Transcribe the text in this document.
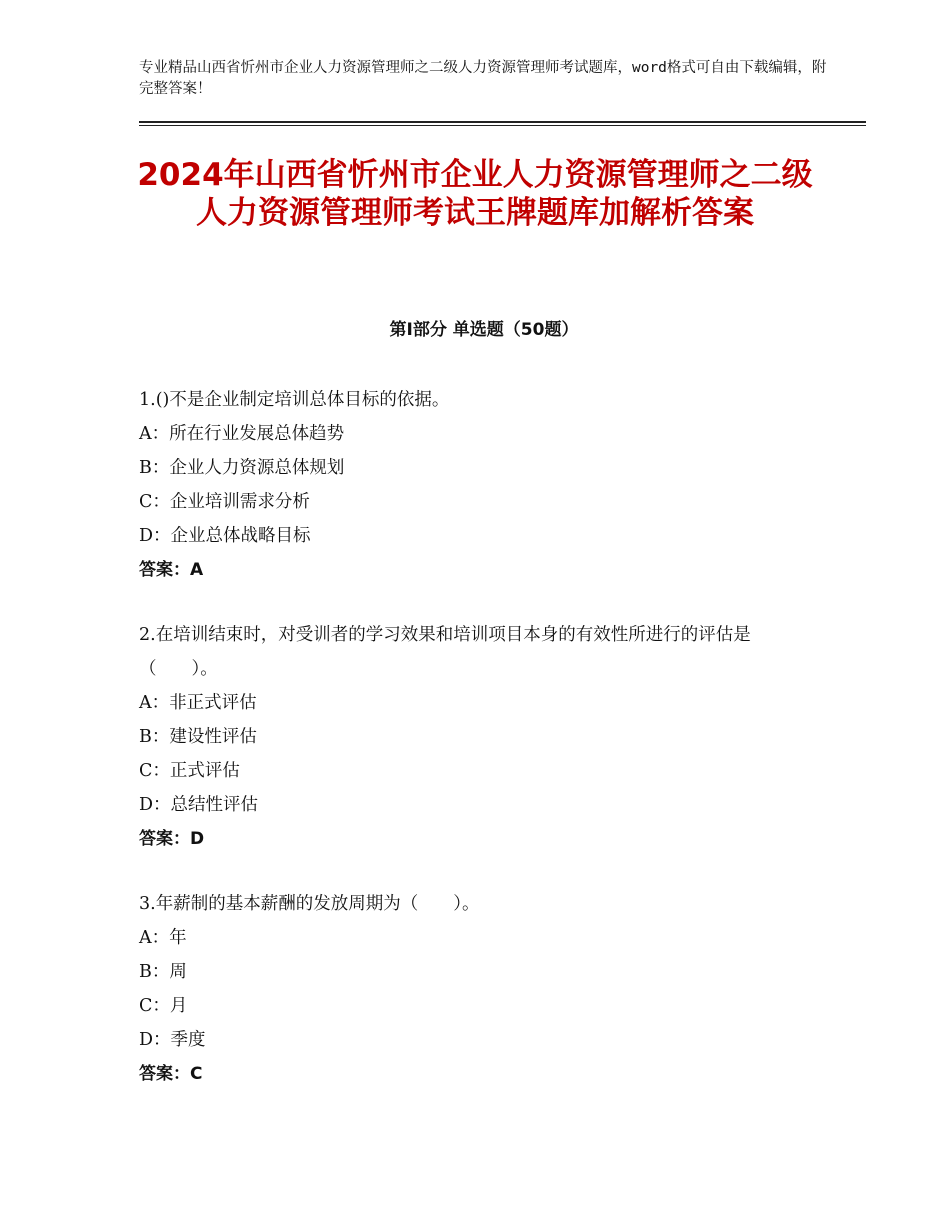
专业精品山西省忻州市企业人力资源管理师之二级人力资源管理师考试题库，word格式可自由下载编辑，附完整答案！
2024年山西省忻州市企业人力资源管理师之二级人力资源管理师考试王牌题库加解析答案
第Ⅰ部分 单选题（50题）
1.()不是企业制定培训总体目标的依据。
A：所在行业发展总体趋势
B：企业人力资源总体规划
C：企业培训需求分析
D：企业总体战略目标
答案：A
2.在培训结束时，对受训者的学习效果和培训项目本身的有效性所进行的评估是（　　）。
A：非正式评估
B：建设性评估
C：正式评估
D：总结性评估
答案：D
3.年薪制的基本薪酬的发放周期为（　　）。
A：年
B：周
C：月
D：季度
答案：C
